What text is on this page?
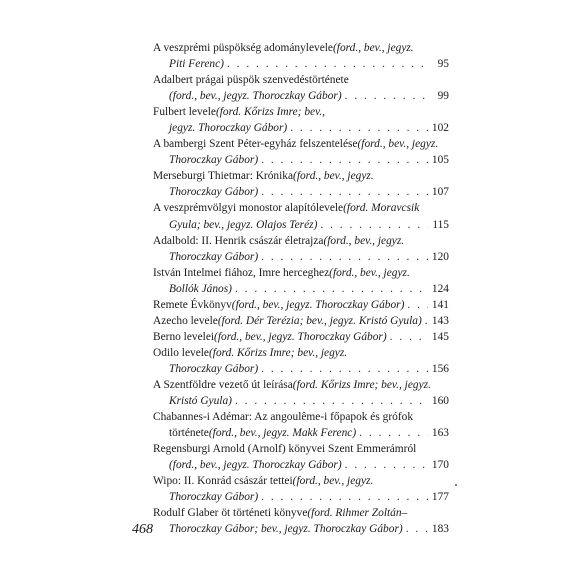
A veszprémi püspökség adománylevele (ford., bev., jegyz.
Piti Ferenc) . . .	95
Adalbert prágai püspök szenvedéstörténete
(ford., bev., jegyz. Thoroczkay Gábor) . . .	99
Fulbert levele (ford. Kőrizs Imre; bev.,
jegyz. Thoroczkay Gábor) . . .	102
A bambergi Szent Péter-egyház felszentelése (ford., bev., jegyz.
Thoroczkay Gábor) . . .	105
Merseburgi Thietmar: Krónika (ford., bev., jegyz.
Thoroczkay Gábor) . . .	107
A veszprémvölgyi monostor alapítólevele (ford. Moravcsik
Gyula; bev., jegyz. Olajos Teréz) . . .	115
Adalbold: II. Henrik császár életrajza (ford., bev., jegyz.
Thoroczkay Gábor) . . .	120
István Intelmei fiához, Imre herceghez (ford., bev., jegyz.
Bollók János) . . .	124
Remete Évkönyv (ford., bev., jegyz. Thoroczkay Gábor) . . . 141
Azecho levele (ford. Dér Terézia; bev., jegyz. Kristó Gyula) . . . 143
Berno levelei (ford., bev., jegyz. Thoroczkay Gábor) . . .	145
Odilo levele (ford. Kőrizs Imre; bev., jegyz.
Thoroczkay Gábor) . . .	156
A Szentföldre vezető út leírása (ford. Kőrizs Imre; bev., jegyz.
Kristó Gyula) . . .	160
Chabannes-i Adémar: Az angoulême-i főpapok és grófok
története (ford., bev., jegyz. Makk Ferenc) . . .	163
Regensburgi Arnold (Arnolf) könyvei Szent Emmerámról
(ford., bev., jegyz. Thoroczkay Gábor) . . .	170
Wipo: II. Konrád császár tettei (ford., bev., jegyz.
Thoroczkay Gábor) . . .	177
Rodulf Glaber öt történeti könyve (ford. Rihmer Zoltán–
Thoroczkay Gábor; bev., jegyz. Thoroczkay Gábor) . . .	183
468
